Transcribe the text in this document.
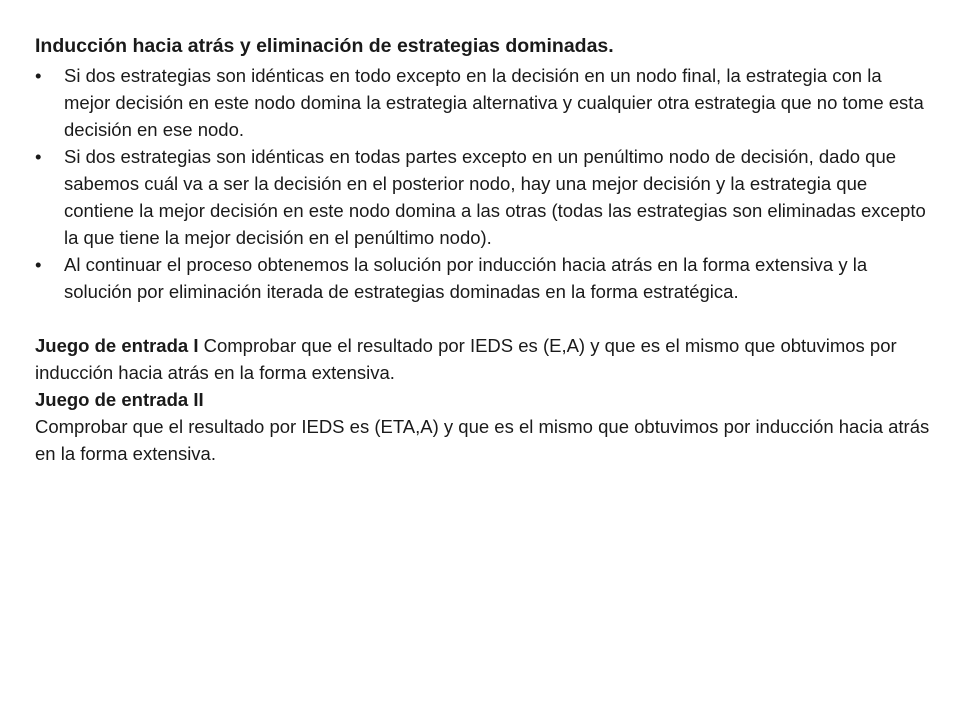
Inducción hacia atrás y eliminación de estrategias dominadas.

•	Si dos estrategias son idénticas en todo excepto en la decisión en un nodo final, la estrategia con la mejor decisión en este nodo domina la estrategia alternativa y cualquier otra estrategia que no tome esta decisión en ese nodo.
•	Si dos estrategias son idénticas en todas partes excepto en un penúltimo nodo de decisión, dado que sabemos cuál va a ser la decisión en el posterior nodo, hay una mejor decisión y la estrategia que contiene la mejor decisión en este nodo domina a las otras (todas las estrategias son eliminadas excepto la que tiene la mejor decisión en el penúltimo nodo).
•	Al continuar el proceso obtenemos la solución por inducción hacia atrás en la forma extensiva y la solución por eliminación iterada de estrategias dominadas en la forma estratégica.

Juego de entrada I Comprobar que el resultado por IEDS es (E,A) y que es el mismo que obtuvimos por inducción hacia atrás en la forma extensiva.

Juego de entrada II

Comprobar que el resultado por IEDS es (ETA,A) y que es el mismo que obtuvimos por inducción hacia atrás en la forma extensiva.
